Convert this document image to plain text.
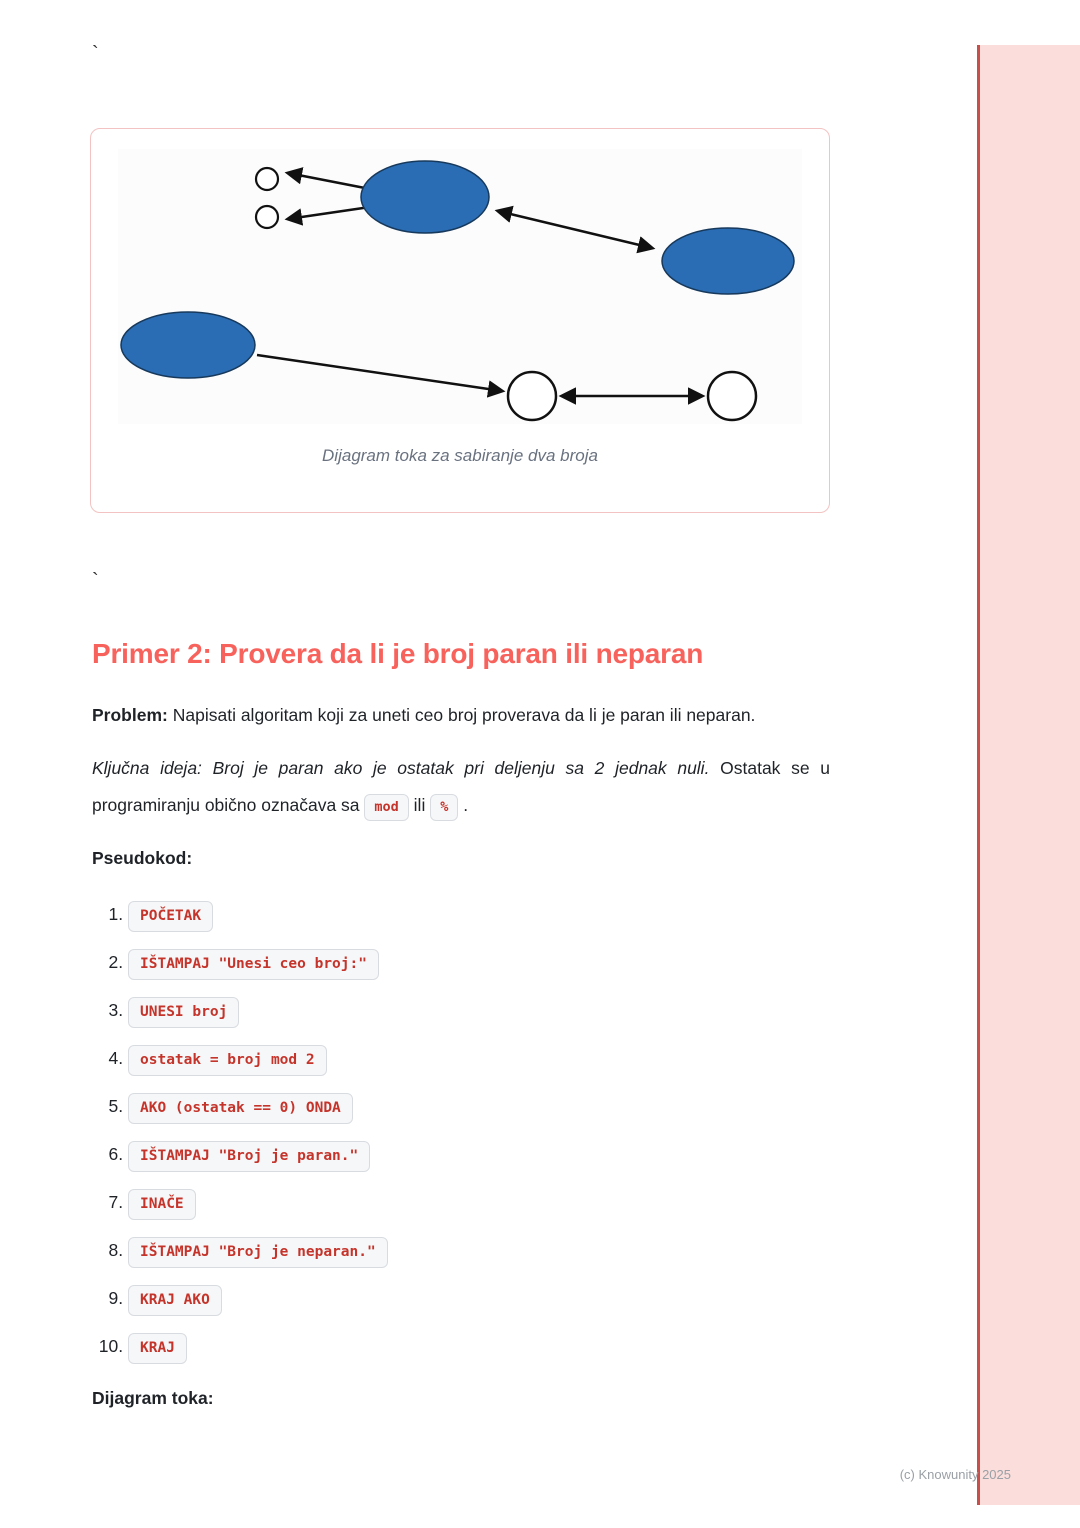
`
Dijagram toka za sabiranje dva broja
`
Primer 2: Provera da li je broj paran ili neparan

Problem: Napisati algoritam koji za uneti ceo broj proverava da li je paran ili neparan.

Ključna ideja: Broj je paran ako je ostatak pri deljenju sa 2 jednak nuli. Ostatak se u programiranju obično označava sa mod ili % .

Pseudokod:

1. POČETAK
2. IŠTAMPAJ "Unesi ceo broj:"
3. UNESI broj
4. ostatak = broj mod 2
5. AKO (ostatak == 0) ONDA
6. IŠTAMPAJ "Broj je paran."
7. INAČE
8. IŠTAMPAJ "Broj je neparan."
9. KRAJ AKO
10. KRAJ

Dijagram toka:

(c) Knowunity 2025
